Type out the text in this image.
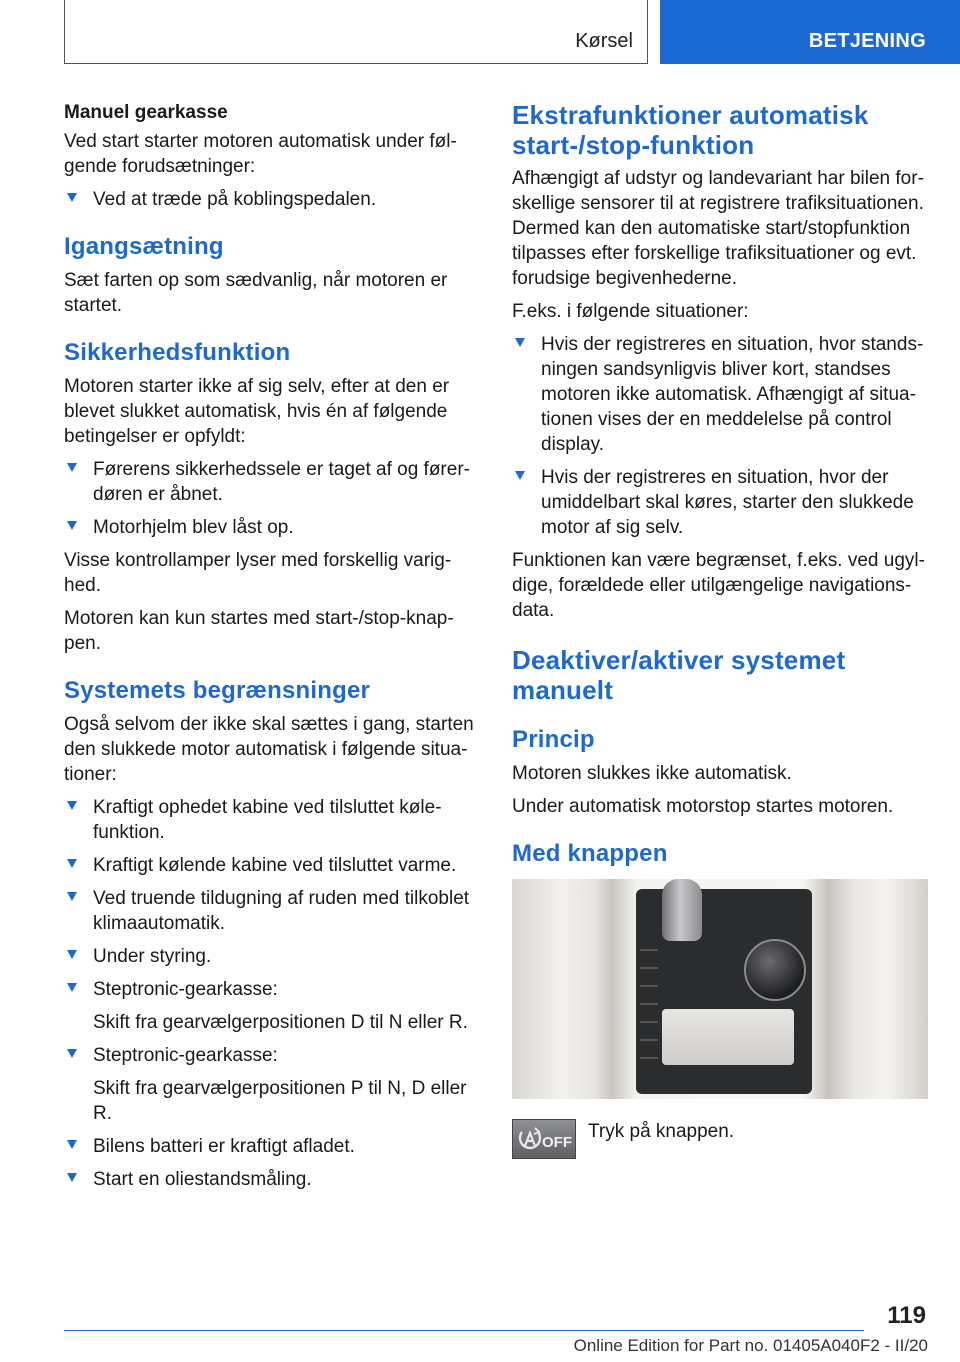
Kørsel	BETJENING
Manuel gearkasse

Ved start starter motoren automatisk under føl-gende forudsætninger:

Ved at træde på koblingspedalen.
Igangsætning

Sæt farten op som sædvanlig, når motoren er startet.

Sikkerhedsfunktion

Motoren starter ikke af sig selv, efter at den er blevet slukket automatisk, hvis én af følgende betingelser er opfyldt:

Førerens sikkerhedssele er taget af og fører-døren er åbnet.
Motorhjelm blev låst op.

Visse kontrollamper lyser med forskellig varig-hed.

Motoren kan kun startes med start-/stop-knap-pen.

Systemets begrænsninger

Også selvom der ikke skal sættes i gang, starten den slukkede motor automatisk i følgende situa-tioner:

Kraftigt ophedet kabine ved tilsluttet køle-funktion.
Kraftigt kølende kabine ved tilsluttet varme.
Ved truende tildugning af ruden med tilkoblet klimaautomatik.
Under styring.
Steptronic-gearkasse:
Skift fra gearvælgerpositionen D til N eller R.
Steptronic-gearkasse:
Skift fra gearvælgerpositionen P til N, D eller R.
Bilens batteri er kraftigt afladet.
Start en oliestandsmåling.
Ekstrafunktioner automatisk start-/stop-funktion

Afhængigt af udstyr og landevariant har bilen for-skellige sensorer til at registrere trafiksituationen. Dermed kan den automatiske start/stopfunktion tilpasses efter forskellige trafiksituationer og evt. forudsige begivenhederne.

F.eks. i følgende situationer:

Hvis der registreres en situation, hvor stands-ningen sandsynligvis bliver kort, standses motoren ikke automatisk. Afhængigt af situa-tionen vises der en meddelelse på control display.
Hvis der registreres en situation, hvor der umiddelbart skal køres, starter den slukkede motor af sig selv.

Funktionen kan være begrænset, f.eks. ved ugyl-dige, forældede eller utilgængelige navigations-data.

Deaktiver/aktiver systemet manuelt
Princip

Motoren slukkes ikke automatisk.

Under automatisk motorstop startes motoren.

Med knappen
OFF

Tryk på knappen.

119
Online Edition for Part no. 01405A040F2 - II/20
